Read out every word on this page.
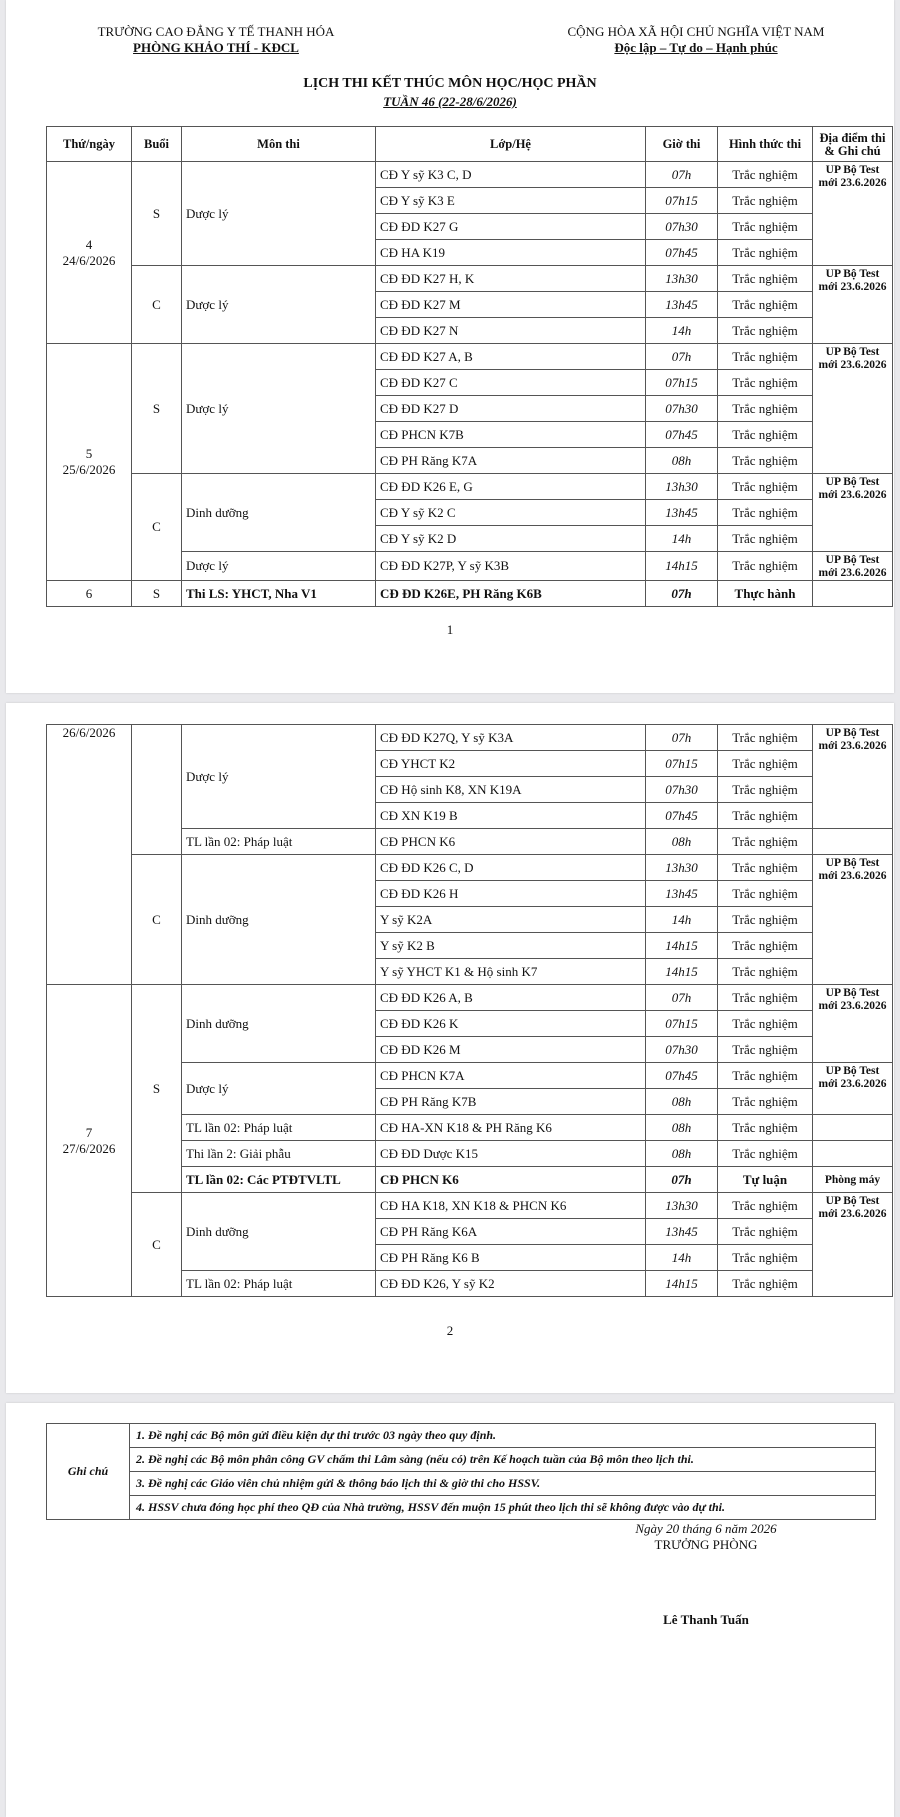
TRƯỜNG CAO ĐẲNG Y TẾ THANH HÓA
PHÒNG KHẢO THÍ - KĐCL
CỘNG HÒA XÃ HỘI CHỦ NGHĨA VIỆT NAM
Độc lập – Tự do – Hạnh phúc
LỊCH THI KẾT THÚC MÔN HỌC/HỌC PHẦN
TUẦN 46 (22-28/6/2026)
Thứ/ngày	Buổi	Môn thi	Lớp/Hệ	Giờ thi	Hình thức thi	Địa điểm thi & Ghi chú
4
24/6/2026	S	Dược lý	CĐ Y sỹ K3 C, D	07h	Trắc nghiệm	UP Bộ Test mới 23.6.2026
			CĐ Y sỹ K3 E	07h15	Trắc nghiệm	
			CĐ ĐD K27 G	07h30	Trắc nghiệm	
			CĐ HA K19	07h45	Trắc nghiệm	
	C	Dược lý	CĐ ĐD K27 H, K	13h30	Trắc nghiệm	UP Bộ Test mới 23.6.2026
			CĐ ĐD K27 M	13h45	Trắc nghiệm	
			CĐ ĐD K27 N	14h	Trắc nghiệm	
5
25/6/2026	S	Dược lý	CĐ ĐD K27 A, B	07h	Trắc nghiệm	UP Bộ Test mới 23.6.2026
			CĐ ĐD K27 C	07h15	Trắc nghiệm	
			CĐ ĐD K27 D	07h30	Trắc nghiệm	
			CĐ PHCN K7B	07h45	Trắc nghiệm	
			CĐ PH Răng K7A	08h	Trắc nghiệm	
	C	Dinh dưỡng	CĐ ĐD K26 E, G	13h30	Trắc nghiệm	UP Bộ Test mới 23.6.2026
			CĐ Y sỹ K2 C	13h45	Trắc nghiệm	
			CĐ Y sỹ K2 D	14h	Trắc nghiệm	
		Dược lý	CĐ ĐD K27P, Y sỹ K3B	14h15	Trắc nghiệm	UP Bộ Test mới 23.6.2026
6	S	Thi LS: YHCT, Nha V1	CĐ ĐD K26E, PH Răng K6B	07h	Thực hành	
1
26/6/2026		Dược lý	CĐ ĐD K27Q, Y sỹ K3A	07h	Trắc nghiệm	UP Bộ Test mới 23.6.2026
			CĐ YHCT K2	07h15	Trắc nghiệm	
			CĐ Hộ sinh K8, XN K19A	07h30	Trắc nghiệm	
			CĐ XN K19 B	07h45	Trắc nghiệm	
		TL lần 02: Pháp luật	CĐ PHCN K6	08h	Trắc nghiệm	
	C	Dinh dưỡng	CĐ ĐD K26 C, D	13h30	Trắc nghiệm	UP Bộ Test mới 23.6.2026
			CĐ ĐD K26 H	13h45	Trắc nghiệm	
			Y sỹ K2A	14h	Trắc nghiệm	
			Y sỹ K2 B	14h15	Trắc nghiệm	
			Y sỹ YHCT K1 & Hộ sinh K7	14h15	Trắc nghiệm	
7
27/6/2026	S	Dinh dưỡng	CĐ ĐD K26 A, B	07h	Trắc nghiệm	UP Bộ Test mới 23.6.2026
			CĐ ĐD K26 K	07h15	Trắc nghiệm	
			CĐ ĐD K26 M	07h30	Trắc nghiệm	
		Dược lý	CĐ PHCN K7A	07h45	Trắc nghiệm	UP Bộ Test mới 23.6.2026
			CĐ PH Răng K7B	08h	Trắc nghiệm	
		TL lần 02: Pháp luật	CĐ HA-XN K18 & PH Răng K6	08h	Trắc nghiệm	
		Thi lần 2: Giải phẫu	CĐ ĐD Dược K15	08h	Trắc nghiệm	
		TL lần 02: Các PTĐTVLTL	CĐ PHCN K6	07h	Tự luận	Phòng máy
	C	Dinh dưỡng	CĐ HA K18, XN K18 & PHCN K6	13h30	Trắc nghiệm	UP Bộ Test mới 23.6.2026
			CĐ PH Răng K6A	13h45	Trắc nghiệm	
			CĐ PH Răng K6 B	14h	Trắc nghiệm	
		TL lần 02: Pháp luật	CĐ ĐD K26, Y sỹ K2	14h15	Trắc nghiệm	
2
Ghi chú	1. Đề nghị các Bộ môn gửi điều kiện dự thi trước 03 ngày theo quy định.
2. Đề nghị các Bộ môn phân công GV chấm thi Lâm sàng (nếu có) trên Kế hoạch tuần của Bộ môn theo lịch thi.
3. Đề nghị các Giáo viên chủ nhiệm gửi & thông báo lịch thi & giờ thi cho HSSV.
4. HSSV chưa đóng học phí theo QĐ của Nhà trường, HSSV đến muộn 15 phút theo lịch thi sẽ không được vào dự thi.
Ngày 20 tháng 6 năm 2026
TRƯỞNG PHÒNG
Lê Thanh Tuấn
